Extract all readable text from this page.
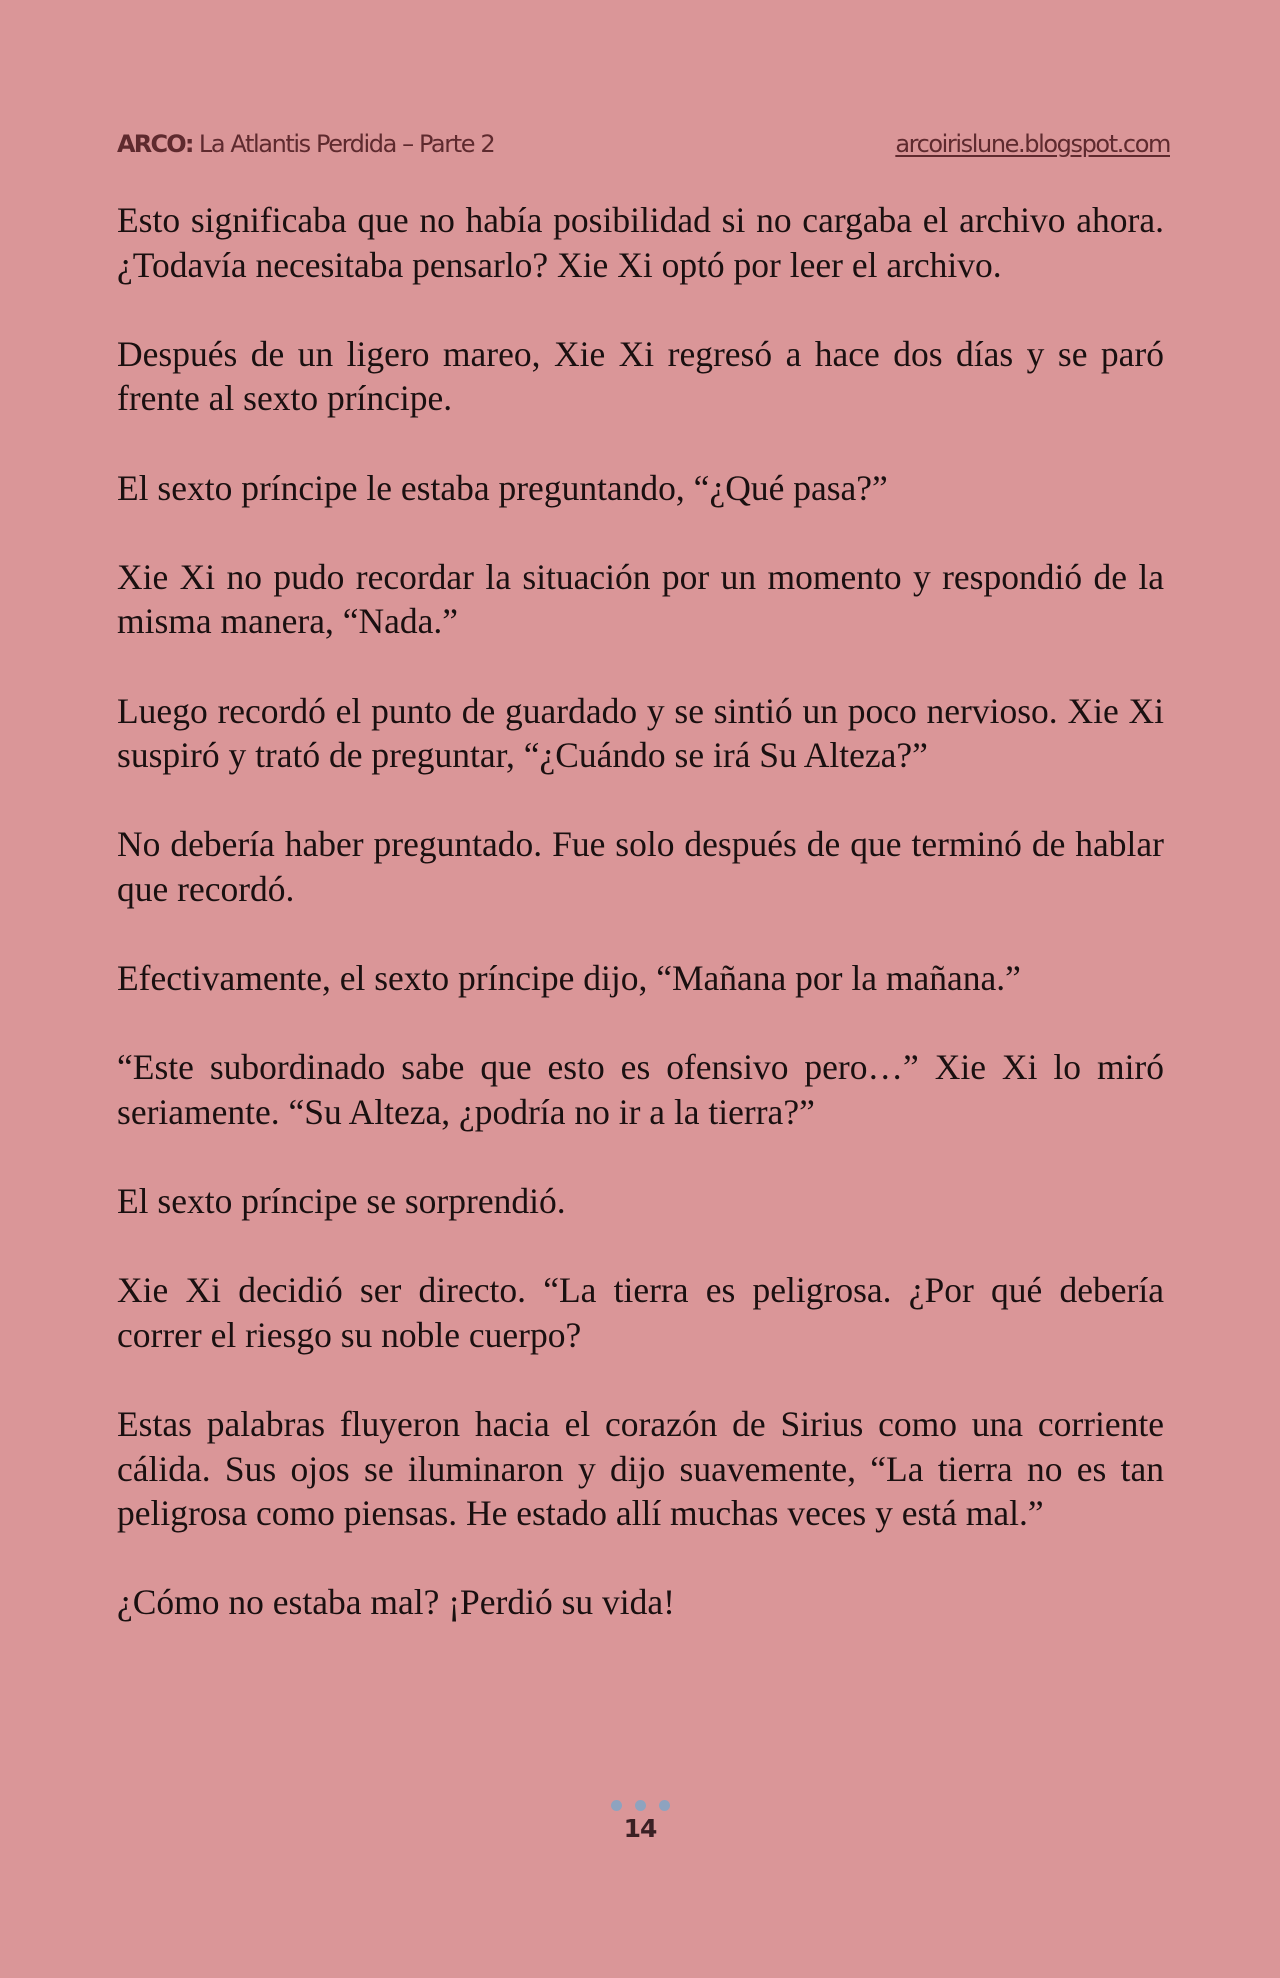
ARCO: La Atlantis Perdida – Parte 2	arcoirislune.blogspot.com

Esto significaba que no había posibilidad si no cargaba el archivo ahora. ¿Todavía necesitaba pensarlo? Xie Xi optó por leer el archivo.

Después de un ligero mareo, Xie Xi regresó a hace dos días y se paró frente al sexto príncipe.

El sexto príncipe le estaba preguntando, “¿Qué pasa?”

Xie Xi no pudo recordar la situación por un momento y respondió de la misma manera, “Nada.”

Luego recordó el punto de guardado y se sintió un poco nervioso. Xie Xi suspiró y trató de preguntar, “¿Cuándo se irá Su Alteza?”

No debería haber preguntado. Fue solo después de que terminó de hablar que recordó.

Efectivamente, el sexto príncipe dijo, “Mañana por la mañana.”

“Este subordinado sabe que esto es ofensivo pero…” Xie Xi lo miró seriamente. “Su Alteza, ¿podría no ir a la tierra?”

El sexto príncipe se sorprendió.

Xie Xi decidió ser directo. “La tierra es peligrosa. ¿Por qué debería correr el riesgo su noble cuerpo?

Estas palabras fluyeron hacia el corazón de Sirius como una corriente cálida. Sus ojos se iluminaron y dijo suavemente, “La tierra no es tan peligrosa como piensas. He estado allí muchas veces y está mal.”

¿Cómo no estaba mal? ¡Perdió su vida!

14
